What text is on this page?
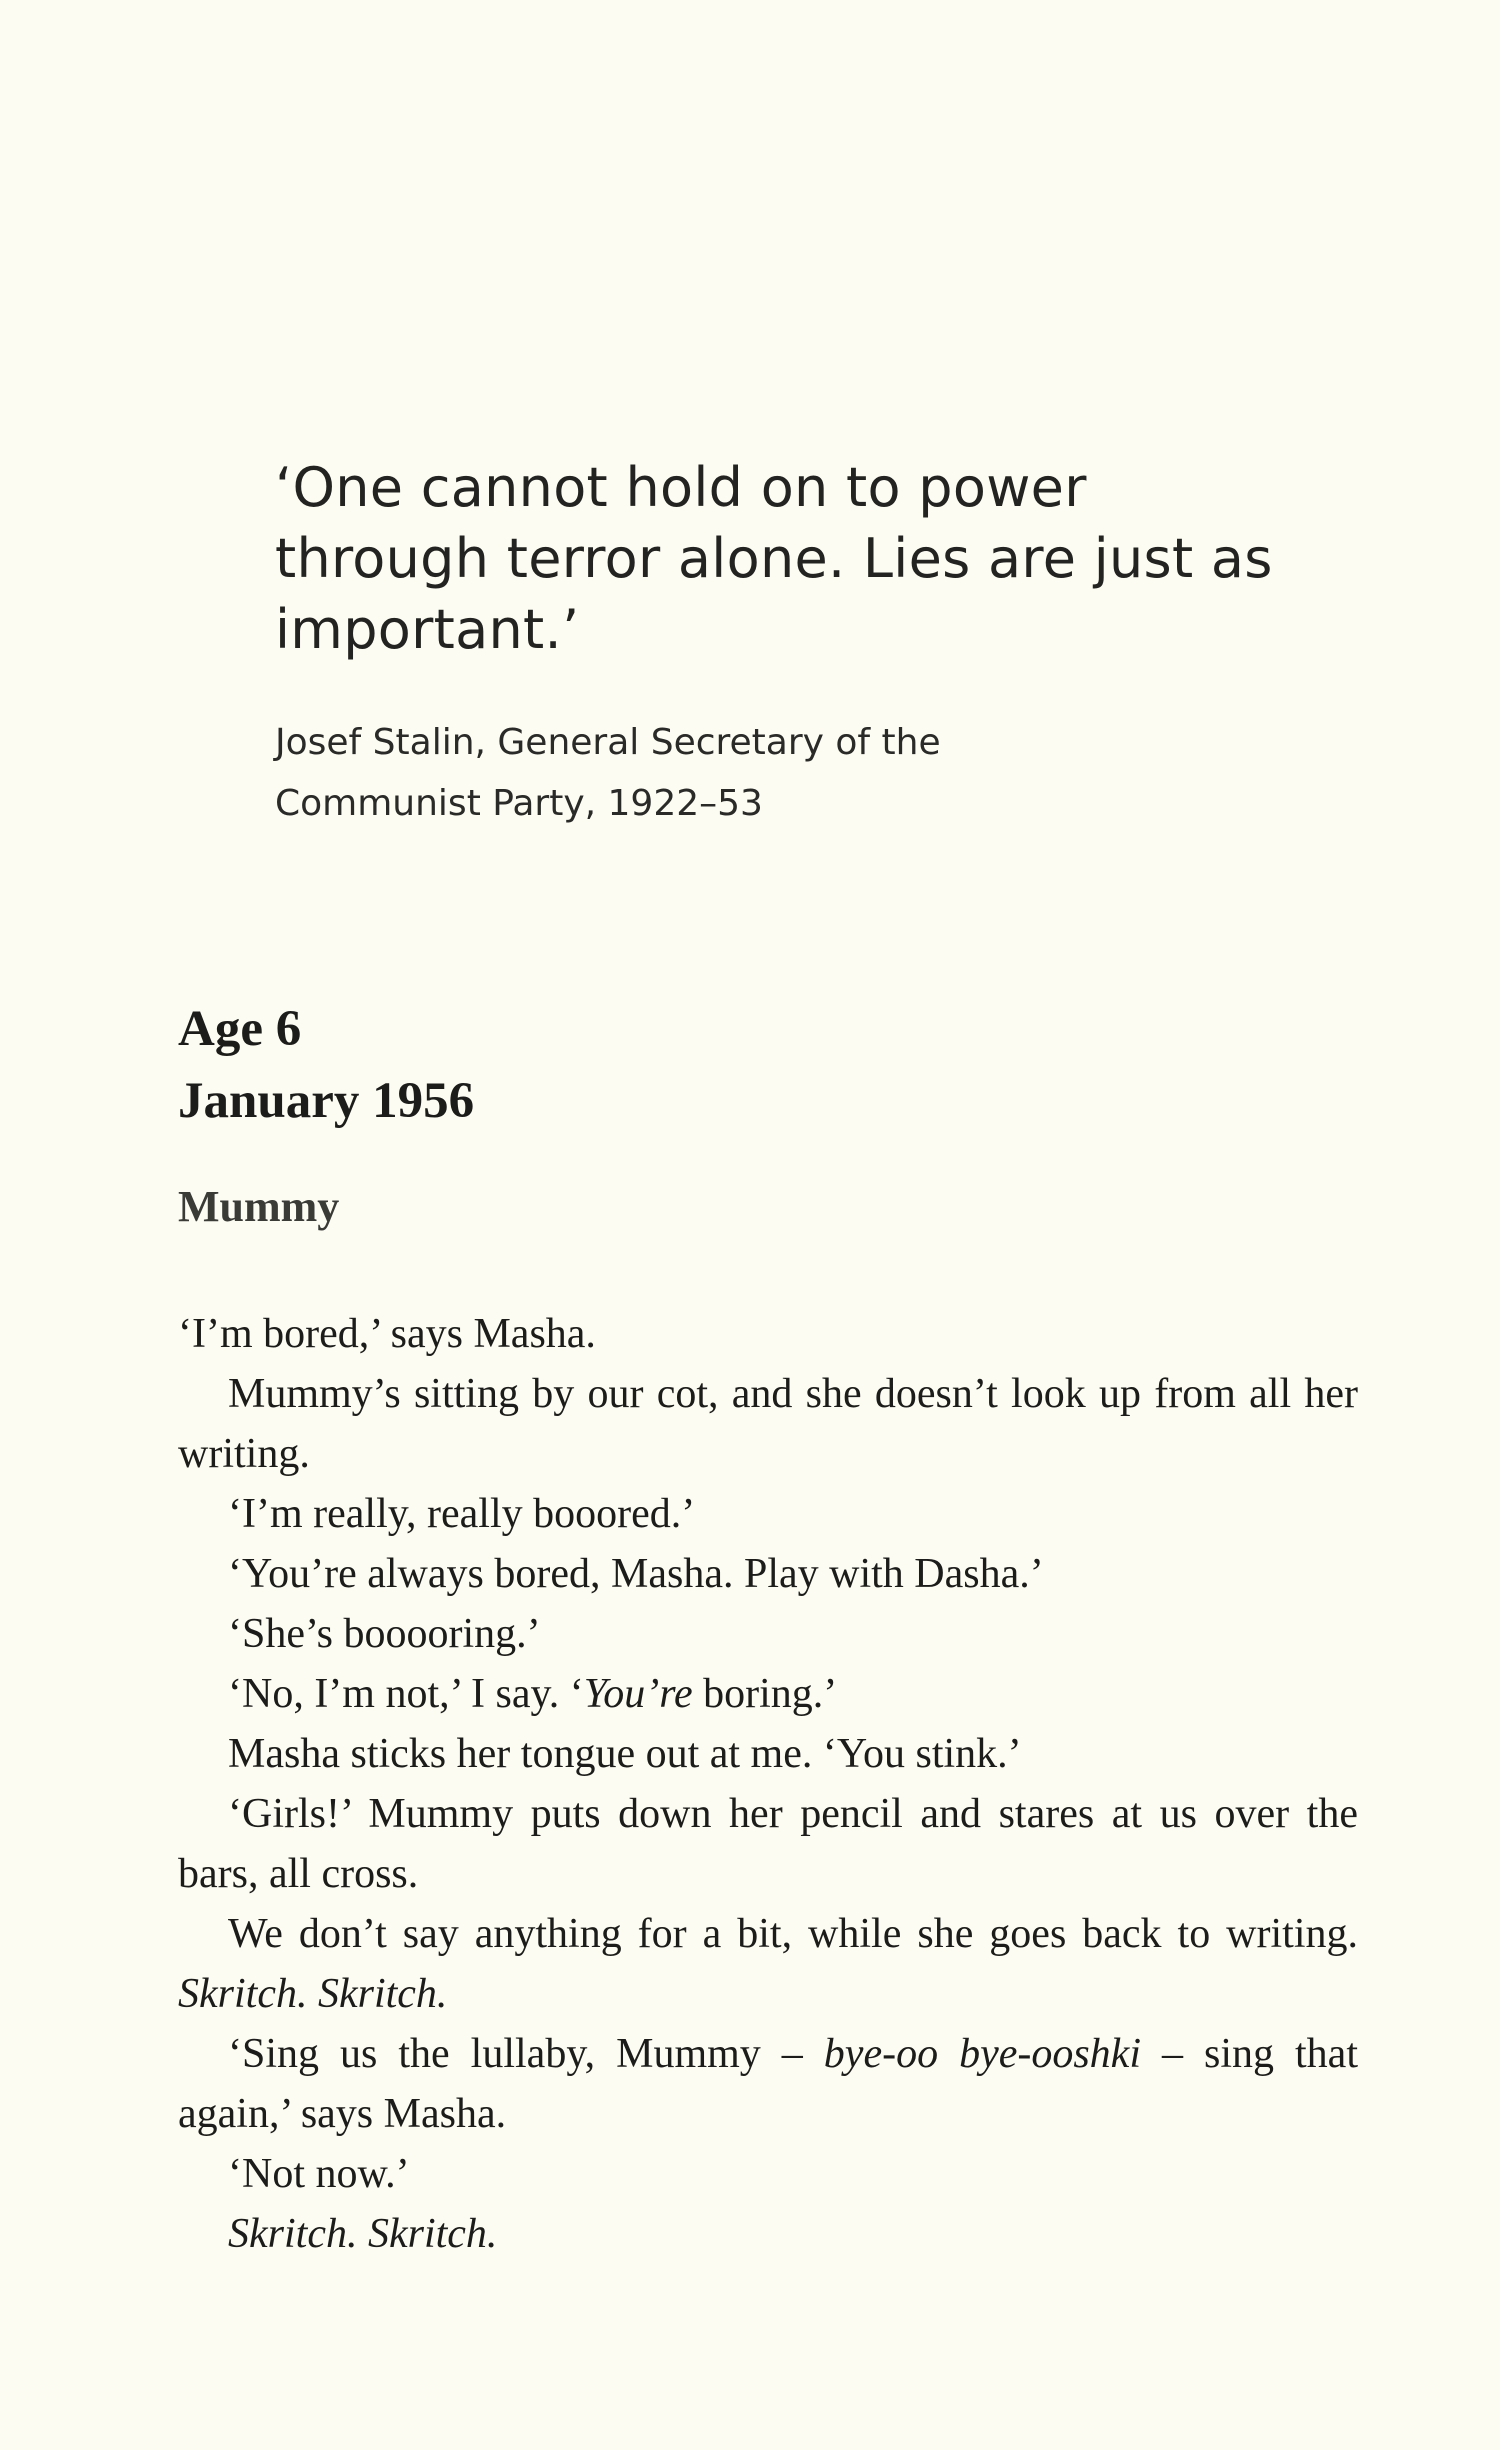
‘One cannot hold on to power
through terror alone. Lies are just as
important.’

Josef Stalin, General Secretary of the
Communist Party, 1922–53

Age 6
January 1956
Mummy

‘I’m bored,’ says Masha.

Mummy’s sitting by our cot, and she doesn’t look up from all her writing.

‘I’m really, really booored.’

‘You’re always bored, Masha. Play with Dasha.’

‘She’s booooring.’

‘No, I’m not,’ I say. ‘You’re boring.’

Masha sticks her tongue out at me. ‘You stink.’

‘Girls!’ Mummy puts down her pencil and stares at us over the bars, all cross.

We don’t say anything for a bit, while she goes back to writing. Skritch. Skritch.

‘Sing us the lullaby, Mummy – bye-oo bye-ooshki – sing that again,’ says Masha.

‘Not now.’

Skritch. Skritch.
